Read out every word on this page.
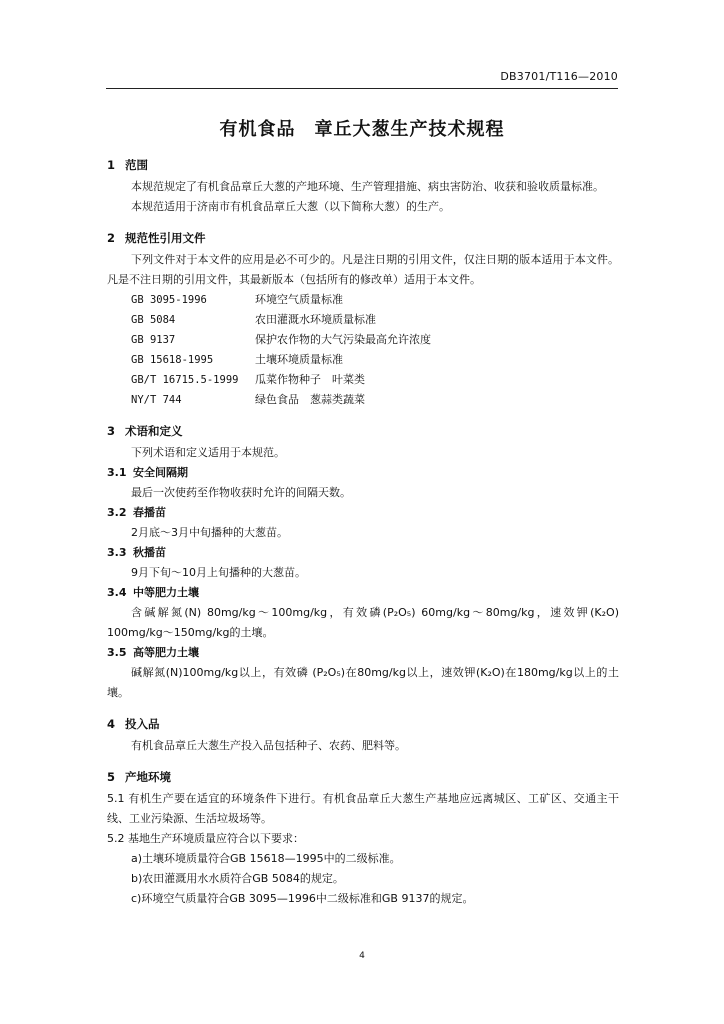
DB3701/T116—2010
有机食品　章丘大葱生产技术规程
1 范围
本规范规定了有机食品章丘大葱的产地环境、生产管理措施、病虫害防治、收获和验收质量标准。
本规范适用于济南市有机食品章丘大葱（以下简称大葱）的生产。
2 规范性引用文件
下列文件对于本文件的应用是必不可少的。凡是注日期的引用文件，仅注日期的版本适用于本文件。凡是不注日期的引用文件，其最新版本（包括所有的修改单）适用于本文件。
GB 3095-1996	环境空气质量标准
GB 5084	农田灌溉水环境质量标准
GB 9137	保护农作物的大气污染最高允许浓度
GB 15618-1995	土壤环境质量标准
GB/T 16715.5-1999	瓜菜作物种子　叶菜类
NY/T 744	绿色食品　葱蒜类蔬菜
3 术语和定义
下列术语和定义适用于本规范。
3.1 安全间隔期
最后一次使药至作物收获时允许的间隔天数。
3.2 春播苗
2月底～3月中旬播种的大葱苗。
3.3 秋播苗
9月下旬～10月上旬播种的大葱苗。
3.4 中等肥力土壤
含碱解氮(N) 80mg/kg～100mg/kg，有效磷(P₂O₅) 60mg/kg～80mg/kg，速效钾(K₂O) 100mg/kg～150mg/kg的土壤。
3.5 高等肥力土壤
碱解氮(N)100mg/kg以上，有效磷 (P₂O₅)在80mg/kg以上，速效钾(K₂O)在180mg/kg以上的土壤。
4 投入品
有机食品章丘大葱生产投入品包括种子、农药、肥料等。
5 产地环境
5.1 有机生产要在适宜的环境条件下进行。有机食品章丘大葱生产基地应远离城区、工矿区、交通主干线、工业污染源、生活垃圾场等。
5.2 基地生产环境质量应符合以下要求：
a)土壤环境质量符合GB 15618—1995中的二级标准。
b)农田灌溉用水水质符合GB 5084的规定。
c)环境空气质量符合GB 3095—1996中二级标准和GB 9137的规定。
4
